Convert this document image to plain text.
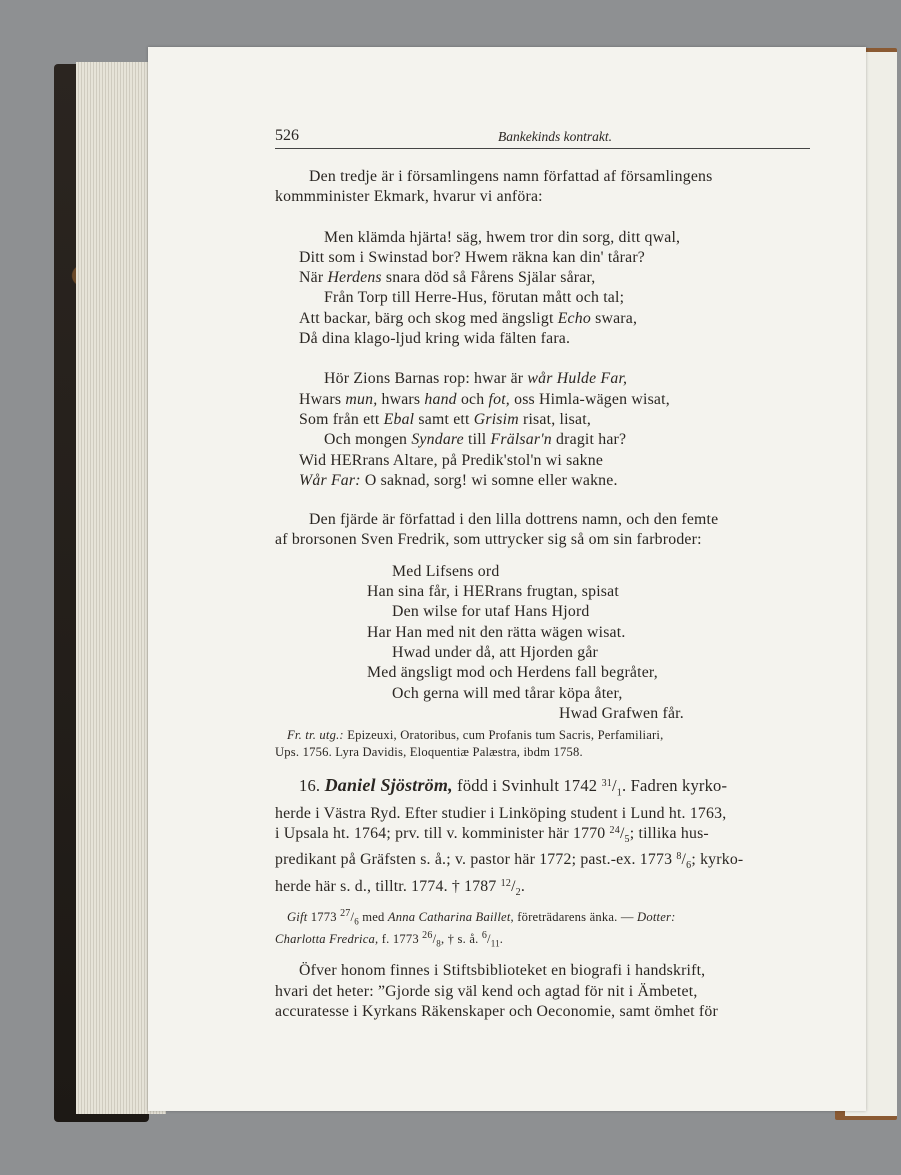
526	Bankekinds kontrakt.
Den tredje är i församlingens namn författad af församlingens
kommminister Ekmark, hvarur vi anföra:
Men klämda hjärta! säg, hwem tror din sorg, ditt qwal,
Ditt som i Swinstad bor? Hwem räkna kan din' tårar?
När Herdens snara död så Fårens Själar sårar,
Från Torp till Herre-Hus, förutan mått och tal;
Att backar, bärg och skog med ängsligt Echo swara,
Då dina klago-ljud kring wida fälten fara.
Hör Zions Barnas rop: hwar är wår Hulde Far,
Hwars mun, hwars hand och fot, oss Himla-wägen wisat,
Som från ett Ebal samt ett Grisim risat, lisat,
Och mongen Syndare till Frälsar'n dragit har?
Wid HERrans Altare, på Predik'stol'n wi sakne
Wår Far: O saknad, sorg! wi somne eller wakne.
Den fjärde är författad i den lilla dottrens namn, och den femte
af brorsonen Sven Fredrik, som uttrycker sig så om sin farbroder:
Med Lifsens ord
Han sina får, i HERrans frugtan, spisat
Den wilse for utaf Hans Hjord
Har Han med nit den rätta wägen wisat.
Hwad under då, att Hjorden går
Med ängsligt mod och Herdens fall begråter,
Och gerna will med tårar köpa åter,
Hwad Grafwen får.
Fr. tr. utg.: Epizeuxi, Oratoribus, cum Profanis tum Sacris, Perfamiliari,
Ups. 1756. Lyra Davidis, Eloquentiæ Palæstra, ibdm 1758.
16. Daniel Sjöström, född i Svinhult 1742 $^{31}/_1$. Fadren kyrko-
herde i Västra Ryd. Efter studier i Linköping student i Lund ht. 1763,
i Upsala ht. 1764; prv. till v. komminister här 1770 $^{24}/_5$; tillika hus-
predikant på Gräfsten s. å.; v. pastor här 1772; past.-ex. 1773 $^8/_6$; kyrko-
herde här s. d., tilltr. 1774. † 1787 $^{12}/_2$.
Gift 1773 $^{27}/_6$ med Anna Catharina Baillet, företrädarens änka. — Dotter:
Charlotta Fredrica, f. 1773 $^{26}/_8$, † s. å. $^6/_{11}$.
Öfver honom finnes i Stiftsbiblioteket en biografi i handskrift,
hvari det heter: ”Gjorde sig väl kend och agtad för nit i Ämbetet,
accuratesse i Kyrkans Räkenskaper och Oeconomie, samt ömhet för
